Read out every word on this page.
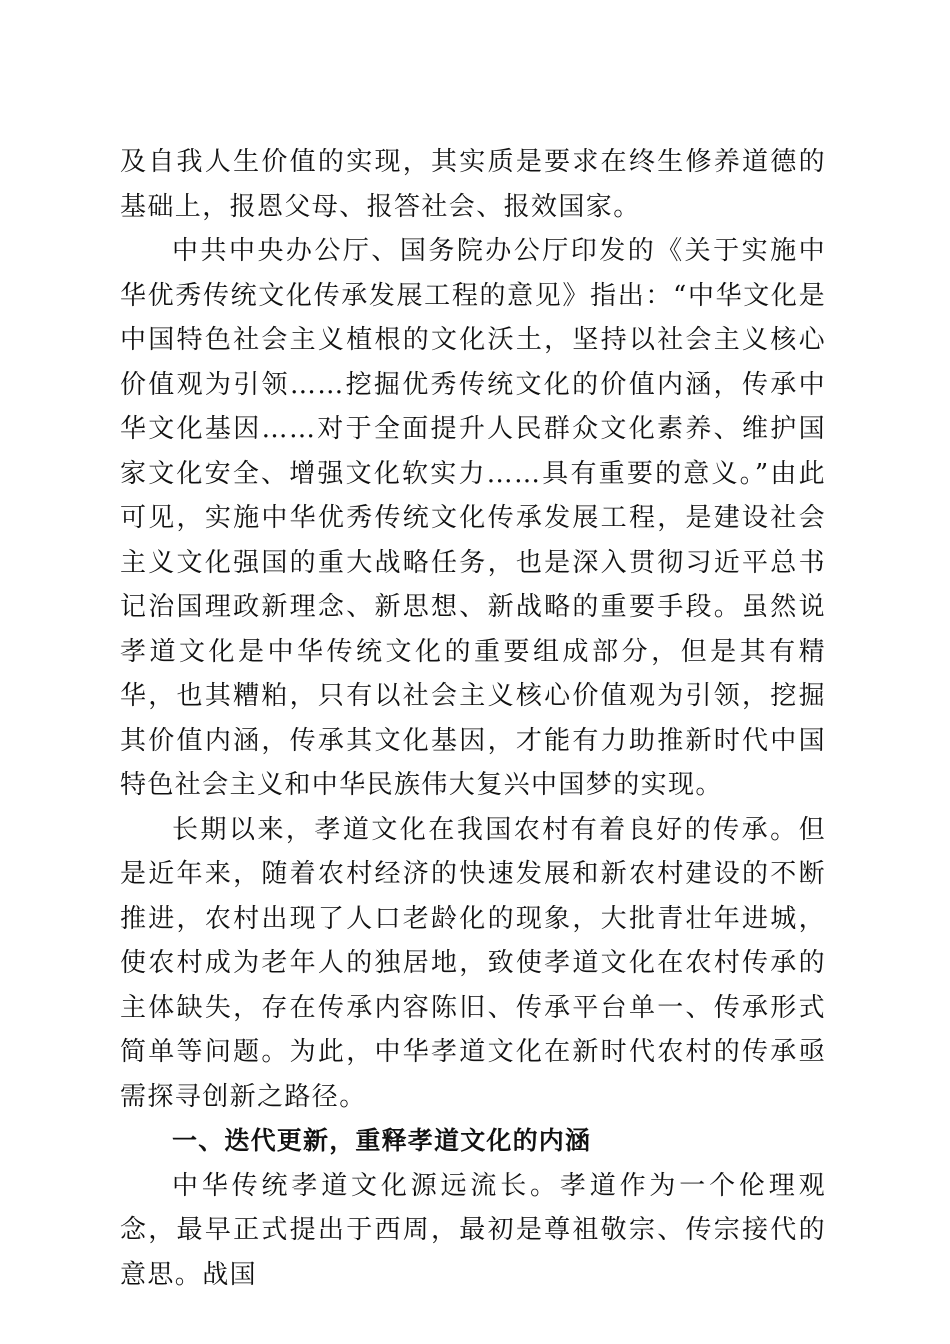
及自我人生价值的实现，其实质是要求在终生修养道德的基础上，报恩父母、报答社会、报效国家。

中共中央办公厅、国务院办公厅印发的《关于实施中华优秀传统文化传承发展工程的意见》指出：“中华文化是中国特色社会主义植根的文化沃土，坚持以社会主义核心价值观为引领……挖掘优秀传统文化的价值内涵，传承中华文化基因……对于全面提升人民群众文化素养、维护国家文化安全、增强文化软实力……具有重要的意义。”由此可见，实施中华优秀传统文化传承发展工程，是建设社会主义文化强国的重大战略任务，也是深入贯彻习近平总书记治国理政新理念、新思想、新战略的重要手段。虽然说孝道文化是中华传统文化的重要组成部分，但是其有精华，也其糟粕，只有以社会主义核心价值观为引领，挖掘其价值内涵，传承其文化基因，才能有力助推新时代中国特色社会主义和中华民族伟大复兴中国梦的实现。

长期以来，孝道文化在我国农村有着良好的传承。但是近年来，随着农村经济的快速发展和新农村建设的不断推进，农村出现了人口老龄化的现象，大批青壮年进城，使农村成为老年人的独居地，致使孝道文化在农村传承的主体缺失，存在传承内容陈旧、传承平台单一、传承形式简单等问题。为此，中华孝道文化在新时代农村的传承亟需探寻创新之路径。

一、迭代更新，重释孝道文化的内涵

中华传统孝道文化源远流长。孝道作为一个伦理观念，最早正式提出于西周，最初是尊祖敬宗、传宗接代的意思。战国
